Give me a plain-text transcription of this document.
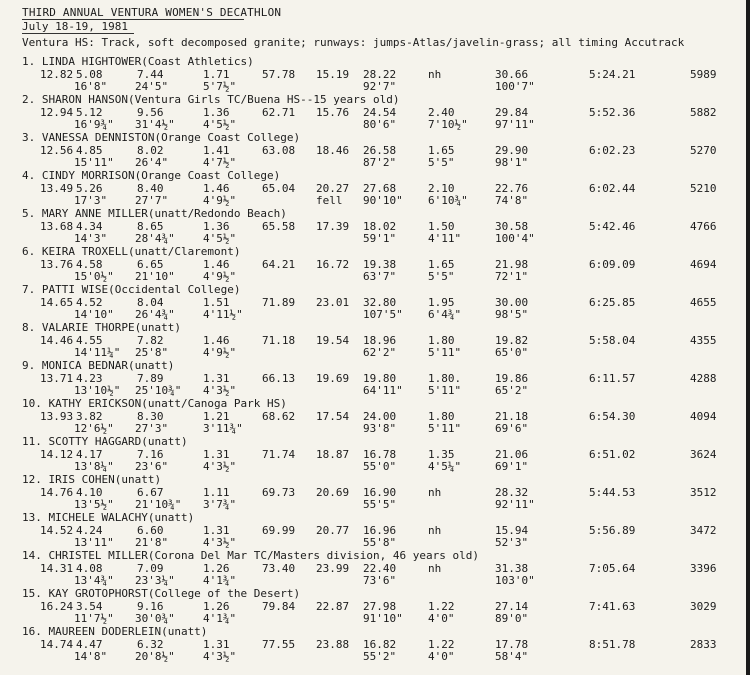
THIRD ANNUAL VENTURA WOMEN'S DECATHLON
July 18-19, 1981
Ventura HS: Track, soft decomposed granite; runways: jumps-Atlas/javelin-grass; all timing Accutrack
1. LINDA HIGHTOWER(Coast Athletics)
12.82 5.08	7.44	1.71	57.78 15.19 28.22	nh	30.66	5:24.21	5989
16'8"	24'5"	5'7½"	92'7"	100'7"
2. SHARON HANSON(Ventura Girls TC/Buena HS--15 years old)
12.94 5.12	9.56	1.36	62.71 15.76 24.54	2.40	29.84	5:52.36	5882
16'9¾" 31'4½"	4'5½"	80'6"	7'10½" 97'11"
3. VANESSA DENNISTON(Orange Coast College)
12.56 4.85	8.02	1.41	63.08 18.46 26.58	1.65	29.90	6:02.23	5270
15'11" 26'4"	4'7½"	87'2"	5'5"	98'1"
4. CINDY MORRISON(Orange Coast College)
13.49 5.26	8.40	1.46	65.04 20.27 27.68	2.10	22.76	6:02.44	5210
17'3"	27'7"	4'9½"	fell 90'10" 6'10¾" 74'8"
5. MARY ANNE MILLER(unatt/Redondo Beach)
13.68 4.34	8.65	1.36	65.58 17.39 18.02	1.50	30.58	5:42.46	4766
14'3"	28'4¾"	4'5½"	59'1"	4'11"	100'4"
6. KEIRA TROXELL(unatt/Claremont)
13.76 4.58	6.65	1.46	64.21 16.72 19.38	1.65	21.98	6:09.09	4694
15'0½" 21'10"	4'9½"	63'7"	5'5"	72'1"
7. PATTI WISE(Occidental College)
14.65 4.52	8.04	1.51	71.89 23.01 32.80	1.95	30.00	6:25.85	4655
14'10" 26'4¾"	4'11½"	107'5" 6'4¾"	98'5"
8. VALARIE THORPE(unatt)
14.46 4.55	7.82	1.46	71.18 19.54 18.96	1.80	19.82	5:58.04	4355
14'11¼" 25'8"	4'9½"	62'2"	5'11"	65'0"
9. MONICA BEDNAR(unatt)
13.71 4.23	7.89	1.31	66.13 19.69 19.80	1.80.	19.86	6:11.57	4288
13'10½" 25'10¾" 4'3½"	64'11" 5'11"	65'2"
10. KATHY ERICKSON(unatt/Canoga Park HS)
13.93 3.82	8.30	1.21	68.62 17.54 24.00	1.80	21.18	6:54.30	4094
12'6½" 27'3"	3'11¾"	93'8"	5'11"	69'6"
11. SCOTTY HAGGARD(unatt)
14.12 4.17	7.16	1.31	71.74 18.87 16.78	1.35	21.06	6:51.02	3624
13'8¼" 23'6"	4'3½"	55'0"	4'5¼"	69'1"
12. IRIS COHEN(unatt)
14.76 4.10	6.67	1.11	69.73 20.69 16.90	nh	28.32	5:44.53	3512
13'5½" 21'10¾" 3'7¾"	55'5"	92'11"
13. MICHELE WALACHY(unatt)
14.52 4.24	6.60	1.31	69.99 20.77 16.96	nh	15.94	5:56.89	3472
13'11" 21'8"	4'3½"	55'8"	52'3"
14. CHRISTEL MILLER(Corona Del Mar TC/Masters division, 46 years old)
14.31 4.08	7.09	1.26	73.40 23.99 22.40	nh	31.38	7:05.64	3396
13'4¾" 23'3¼"	4'1¾"	73'6"	103'0"
15. KAY GROTOPHORST(College of the Desert)
16.24 3.54	9.16	1.26	79.84 22.87 27.98	1.22	27.14	7:41.63	3029
11'7½" 30'0¾"	4'1¾"	91'10" 4'0"	89'0"
16. MAUREEN DODERLEIN(unatt)
14.74 4.47	6.32	1.31	77.55 23.88 16.82	1.22	17.78	8:51.78	2833
14'8"	20'8½"	4'3½"	55'2"	4'0"	58'4"
